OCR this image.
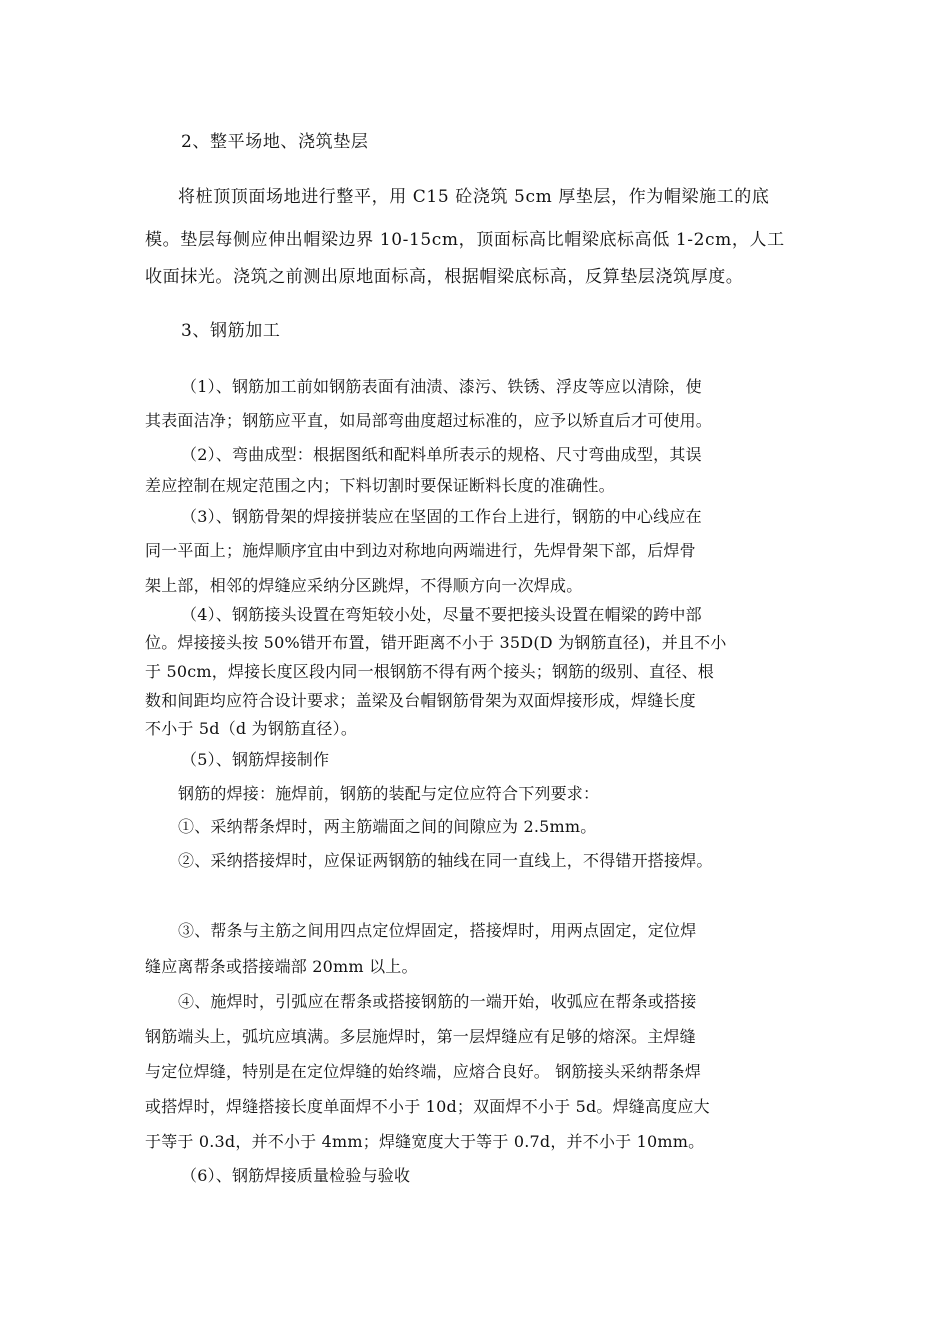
2、整平场地、浇筑垫层

将桩顶顶面场地进行整平，用 C15 砼浇筑 5cm 厚垫层，作为帽梁施工的底

模。垫层每侧应伸出帽梁边界 10-15cm，顶面标高比帽梁底标高低 1-2cm，人工

收面抹光。浇筑之前测出原地面标高，根据帽梁底标高，反算垫层浇筑厚度。

3、钢筋加工

（1）、钢筋加工前如钢筋表面有油渍、漆污、铁锈、浮皮等应以清除，使

其表面洁净；钢筋应平直，如局部弯曲度超过标准的，应予以矫直后才可使用。

（2）、弯曲成型：根据图纸和配料单所表示的规格、尺寸弯曲成型，其误

差应控制在规定范围之内；下料切割时要保证断料长度的准确性。

（3）、钢筋骨架的焊接拼装应在坚固的工作台上进行，钢筋的中心线应在

同一平面上；施焊顺序宜由中到边对称地向两端进行，先焊骨架下部，后焊骨

架上部，相邻的焊缝应采纳分区跳焊，不得顺方向一次焊成。

（4）、钢筋接头设置在弯矩较小处，尽量不要把接头设置在帽梁的跨中部

位。焊接接头按 50%错开布置，错开距离不小于 35D(D 为钢筋直径)，并且不小

于 50cm，焊接长度区段内同一根钢筋不得有两个接头；钢筋的级别、直径、根

数和间距均应符合设计要求；盖梁及台帽钢筋骨架为双面焊接形成，焊缝长度

不小于 5d（d 为钢筋直径）。

（5）、钢筋焊接制作

钢筋的焊接：施焊前，钢筋的装配与定位应符合下列要求：

①、采纳帮条焊时，两主筋端面之间的间隙应为 2.5mm。

②、采纳搭接焊时，应保证两钢筋的轴线在同一直线上，不得错开搭接焊。

③、帮条与主筋之间用四点定位焊固定，搭接焊时，用两点固定，定位焊

缝应离帮条或搭接端部 20mm 以上。

④、施焊时，引弧应在帮条或搭接钢筋的一端开始，收弧应在帮条或搭接

钢筋端头上，弧坑应填满。多层施焊时，第一层焊缝应有足够的熔深。主焊缝

与定位焊缝，特别是在定位焊缝的始终端，应熔合良好。 钢筋接头采纳帮条焊

或搭焊时，焊缝搭接长度单面焊不小于 10d；双面焊不小于 5d。焊缝高度应大

于等于 0.3d，并不小于 4mm；焊缝宽度大于等于 0.7d，并不小于 10mm。

（6）、钢筋焊接质量检验与验收
